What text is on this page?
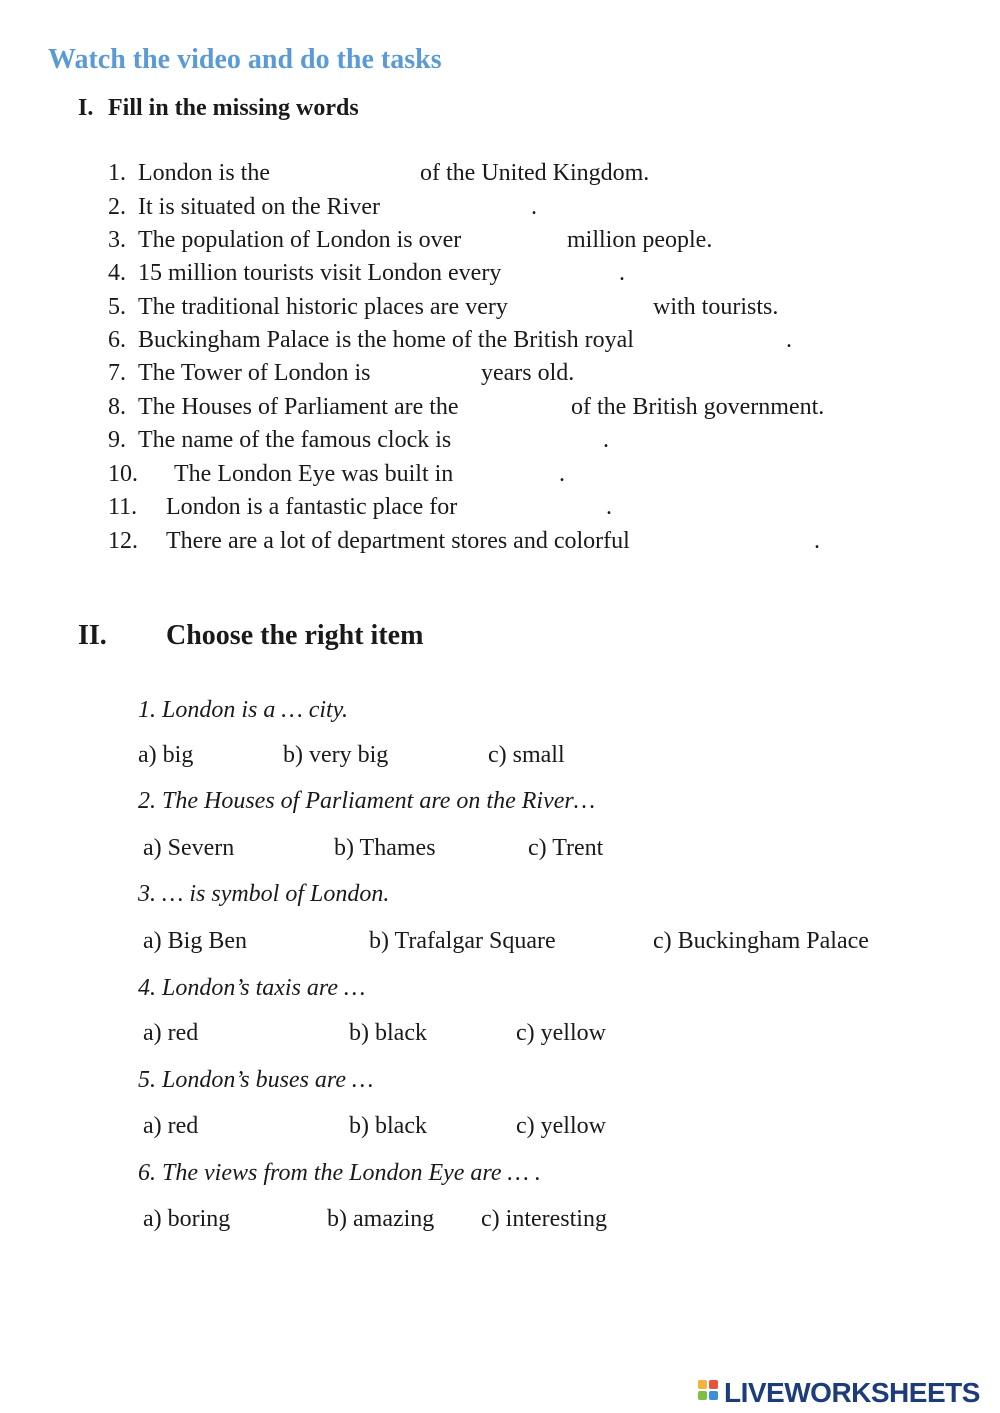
Watch the video and do the tasks
I. Fill in the missing words
1. London is the	of the United Kingdom.
2. It is situated on the River	.
3. The population of London is over	million people.
4. 15 million tourists visit London every	.
5. The traditional historic places are very	with tourists.
6. Buckingham Palace is the home of the British royal	.
7. The Tower of London is	years old.
8. The Houses of Parliament are the	of the British government.
9. The name of the famous clock is	.
10. The London Eye was built in	.
11. London is a fantastic place for	.
12. There are a lot of department stores and colorful	.
II. Choose the right item
1. London is a … city.
a) big	b) very big	c) small
2. The Houses of Parliament are on the River…
a) Severn	b) Thames	c) Trent
3. … is symbol of London.
a) Big Ben	b) Trafalgar Square	c) Buckingham Palace
4. London’s taxis are …
a) red	b) black	c) yellow
5. London’s buses are …
a) red	b) black	c) yellow
6. The views from the London Eye are … .
a) boring	b) amazing c) interesting
LIVEWORKSHEETS
